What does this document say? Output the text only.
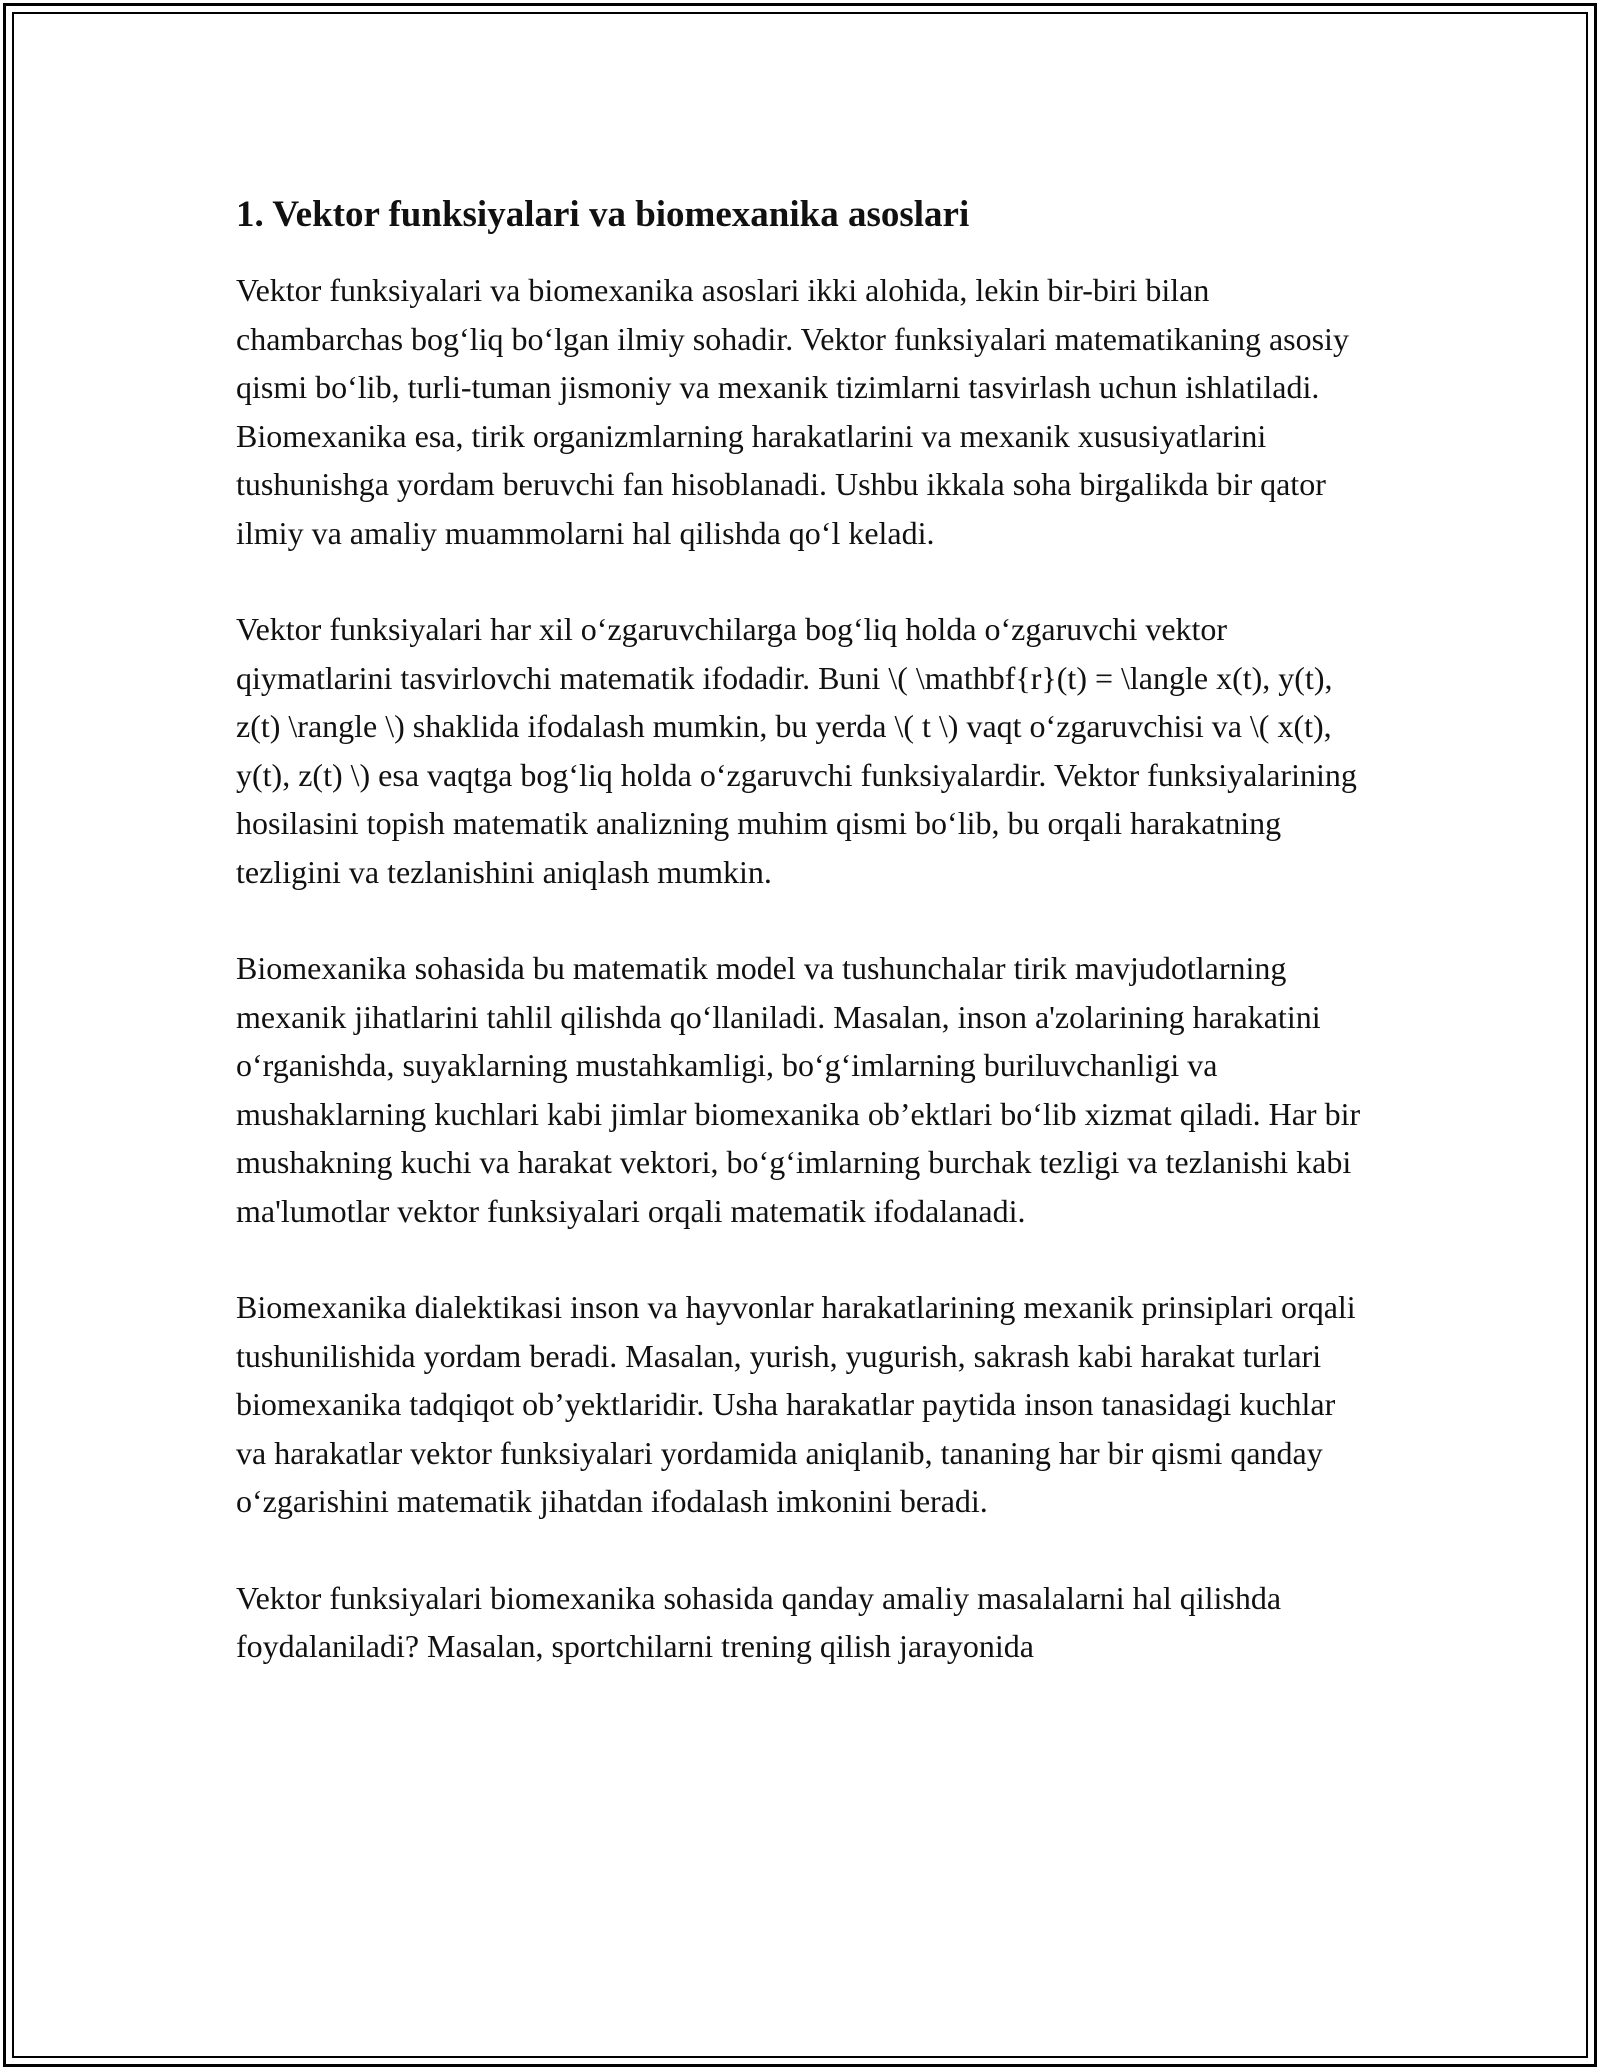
1. Vektor funksiyalari va biomexanika asoslari

Vektor funksiyalari va biomexanika asoslari ikki alohida, lekin bir-biri bilan chambarchas bog‘liq bo‘lgan ilmiy sohadir. Vektor funksiyalari matematikaning asosiy qismi bo‘lib, turli-tuman jismoniy va mexanik tizimlarni tasvirlash uchun ishlatiladi. Biomexanika esa, tirik organizmlarning harakatlarini va mexanik xususiyatlarini tushunishga yordam beruvchi fan hisoblanadi. Ushbu ikkala soha birgalikda bir qator ilmiy va amaliy muammolarni hal qilishda qo‘l keladi.

Vektor funksiyalari har xil o‘zgaruvchilarga bog‘liq holda o‘zgaruvchi vektor qiymatlarini tasvirlovchi matematik ifodadir. Buni \( \mathbf{r}(t) = \langle x(t), y(t), z(t) \rangle \) shaklida ifodalash mumkin, bu yerda \( t \) vaqt o‘zgaruvchisi va \( x(t), y(t), z(t) \) esa vaqtga bog‘liq holda o‘zgaruvchi funksiyalardir. Vektor funksiyalarining hosilasini topish matematik analizning muhim qismi bo‘lib, bu orqali harakatning tezligini va tezlanishini aniqlash mumkin.

Biomexanika sohasida bu matematik model va tushunchalar tirik mavjudotlarning mexanik jihatlarini tahlil qilishda qo‘llaniladi. Masalan, inson a'zolarining harakatini o‘rganishda, suyaklarning mustahkamligi, bo‘g‘imlarning buriluvchanligi va mushaklarning kuchlari kabi jimlar biomexanika ob’ektlari bo‘lib xizmat qiladi. Har bir mushakning kuchi va harakat vektori, bo‘g‘imlarning burchak tezligi va tezlanishi kabi ma'lumotlar vektor funksiyalari orqali matematik ifodalanadi.

Biomexanika dialektikasi inson va hayvonlar harakatlarining mexanik prinsiplari orqali tushunilishida yordam beradi. Masalan, yurish, yugurish, sakrash kabi harakat turlari biomexanika tadqiqot ob’yektlaridir. Usha harakatlar paytida inson tanasidagi kuchlar va harakatlar vektor funksiyalari yordamida aniqlanib, tananing har bir qismi qanday o‘zgarishini matematik jihatdan ifodalash imkonini beradi.

Vektor funksiyalari biomexanika sohasida qanday amaliy masalalarni hal qilishda foydalaniladi? Masalan, sportchilarni trening qilish jarayonida
